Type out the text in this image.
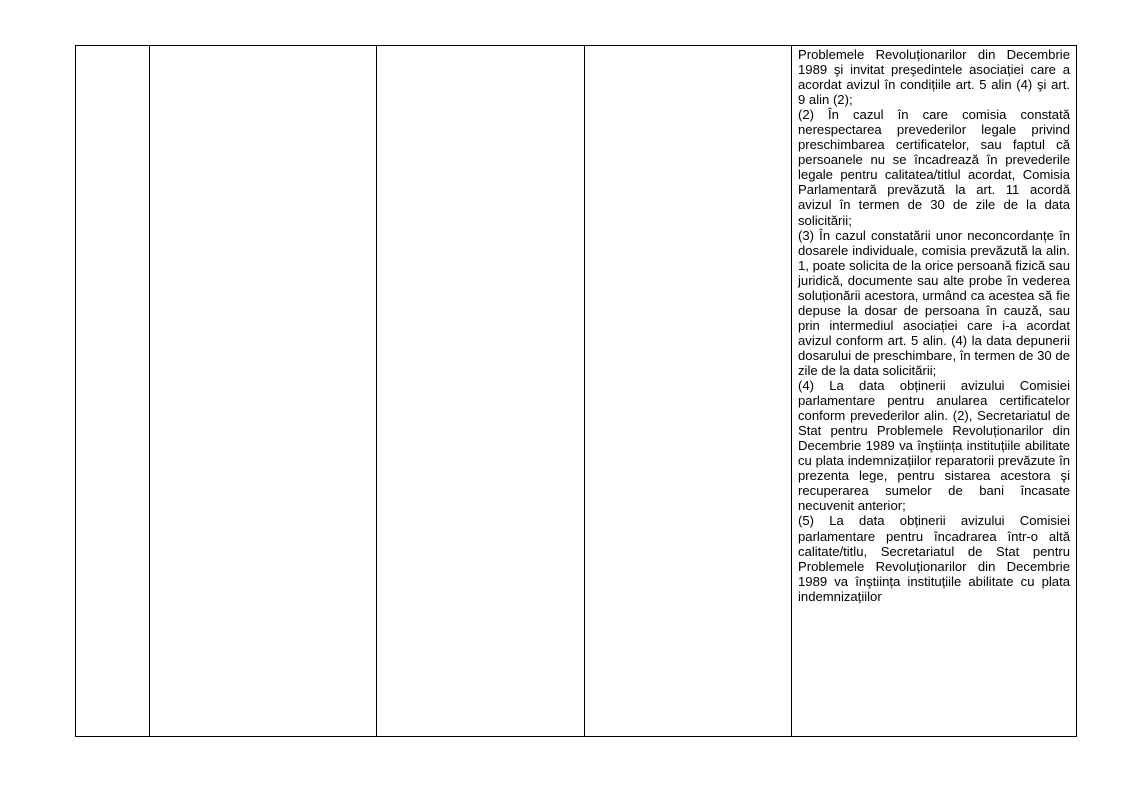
Problemele Revoluționarilor din Decembrie 1989 şi invitat preşedintele asociației care a acordat avizul în condițiile art. 5 alin (4) şi art. 9 alin (2);

(2) În cazul în care comisia constată nerespectarea prevederilor legale privind preschimbarea certificatelor, sau faptul că persoanele nu se încadrează în prevederile legale pentru calitatea/titlul acordat, Comisia Parlamentară prevăzută la art. 11 acordă avizul în termen de 30 de zile de la data solicitării;

(3) În cazul constatării unor neconcordanțe în dosarele individuale, comisia prevăzută la alin. 1, poate solicita de la orice persoană fizică sau juridică, documente sau alte probe în vederea soluționării acestora, urmând ca acestea să fie depuse la dosar de persoana în cauză, sau prin intermediul asociației care i-a acordat avizul conform art. 5 alin. (4) la data depunerii dosarului de preschimbare, în termen de 30 de zile de la data solicitării;

(4) La data obținerii avizului Comisiei parlamentare pentru anularea certificatelor conform prevederilor alin. (2), Secretariatul de Stat pentru Problemele Revoluționarilor din Decembrie 1989 va înştiința instituțiile abilitate cu plata indemnizațiilor reparatorii prevăzute în prezenta lege, pentru sistarea acestora şi recuperarea sumelor de bani încasate necuvenit anterior;

(5) La data obținerii avizului Comisiei parlamentare pentru încadrarea într-o altă calitate/titlu, Secretariatul de Stat pentru Problemele Revoluționarilor din Decembrie 1989 va înştiința instituțiile abilitate cu plata indemnizațiilor
